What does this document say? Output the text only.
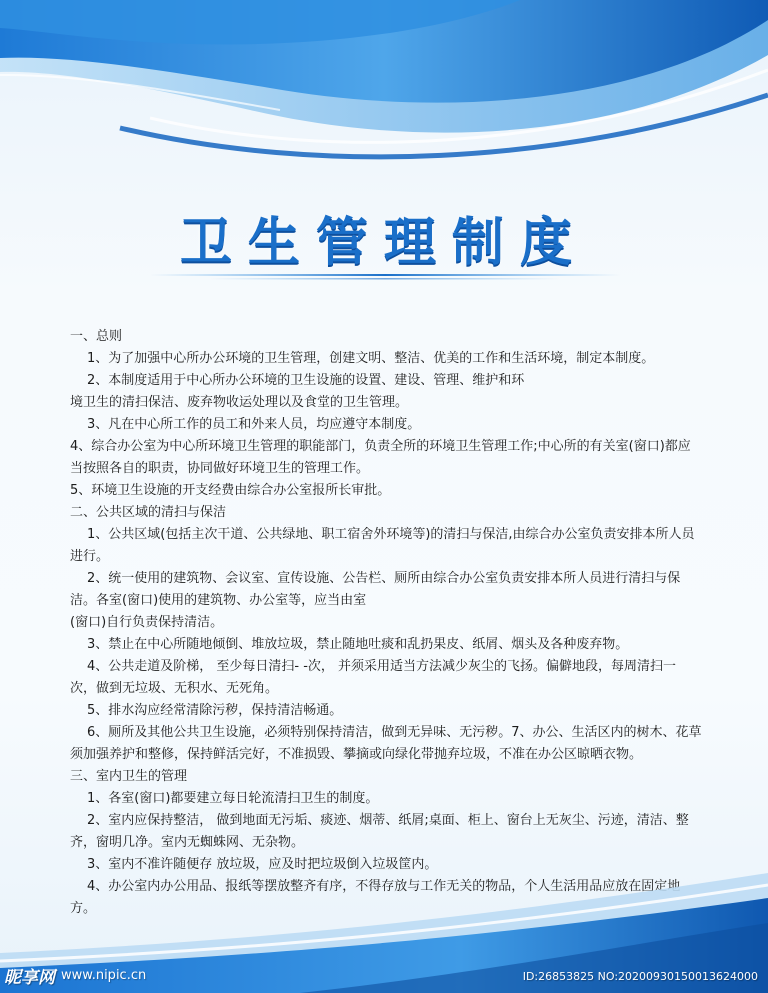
卫生管理制度

一、总则

1、为了加强中心所办公环境的卫生管理，创建文明、整洁、优美的工作和生活环境，制定本制度。

2、本制度适用于中心所办公环境的卫生设施的设置、建设、管理、维护和环

境卫生的清扫保洁、废弃物收运处理以及食堂的卫生管理。

3、凡在中心所工作的员工和外来人员，均应遵守本制度。

4、综合办公室为中心所环境卫生管理的职能部门，负责全所的环境卫生管理工作;中心所的有关室(窗口)都应当按照各自的职责，协同做好环境卫生的管理工作。

5、环境卫生设施的开支经费由综合办公室报所长审批。

二、公共区域的清扫与保洁

1、公共区域(包括主次干道、公共绿地、职工宿舍外环境等)的清扫与保洁,由综合办公室负责安排本所人员进行。

2、统一使用的建筑物、会议室、宣传设施、公告栏、厕所由综合办公室负责安排本所人员进行清扫与保洁。各室(窗口)使用的建筑物、办公室等，应当由室

(窗口)自行负责保持清洁。

3、禁止在中心所随地倾倒、堆放垃圾，禁止随地吐痰和乱扔果皮、纸屑、烟头及各种废弃物。

4、公共走道及阶梯， 至少每日清扫- -次， 并须采用适当方法减少灰尘的飞扬。偏僻地段，每周清扫一次，做到无垃圾、无积水、无死角。

5、排水沟应经常清除污秽，保持清洁畅通。

6、厕所及其他公共卫生设施，必须特别保持清洁，做到无异味、无污秽。7、办公、生活区内的树木、花草须加强养护和整修，保持鲜活完好，不准损毁、攀摘或向绿化带抛弃垃圾，不准在办公区晾晒衣物。

三、室内卫生的管理

1、各室(窗口)都要建立每日轮流清扫卫生的制度。

2、室内应保持整洁， 做到地面无污垢、痰迹、烟蒂、纸屑;桌面、柜上、窗台上无灰尘、污迹，清洁、整齐，窗明几净。室内无蜘蛛网、无杂物。

3、室内不准许随便存 放垃圾，应及时把垃圾倒入垃圾筐内。

4、办公室内办公用品、报纸等摆放整齐有序，不得存放与工作无关的物品，个人生活用品应放在固定地方。

昵享网 www.nipic.cn	ID:26853825 NO:20200930150013624000
